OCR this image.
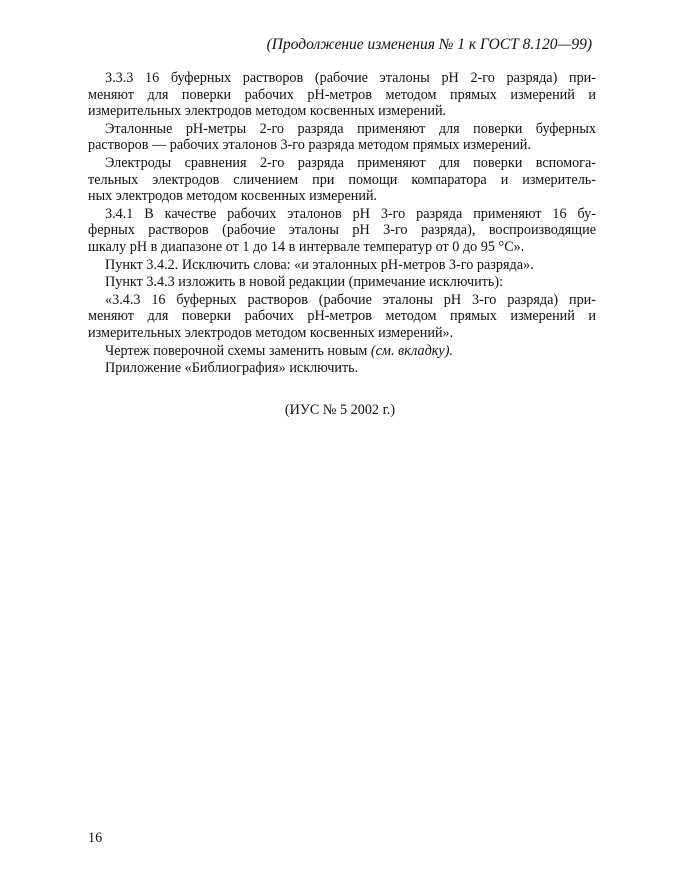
(Продолжение изменения № 1 к ГОСТ 8.120—99)
3.3.3 16 буферных растворов (рабочие эталоны pH 2-го разряда) при-
меняют для поверки рабочих pH-метров методом прямых измерений и
измерительных электродов методом косвенных измерений.
Эталонные pH-метры 2-го разряда применяют для поверки буферных
растворов — рабочих эталонов 3-го разряда методом прямых измерений.
Электроды сравнения 2-го разряда применяют для поверки вспомога-
тельных электродов сличением при помощи компаратора и измеритель-
ных электродов методом косвенных измерений.
3.4.1 В качестве рабочих эталонов pH 3-го разряда применяют 16 бу-
ферных растворов (рабочие эталоны pH 3-го разряда), воспроизводящие
шкалу pH в диапазоне от 1 до 14 в интервале температур от 0 до 95 °С».
Пункт 3.4.2. Исключить слова: «и эталонных pH-метров 3-го разряда».
Пункт 3.4.3 изложить в новой редакции (примечание исключить):
«3.4.3 16 буферных растворов (рабочие эталоны pH 3-го разряда) при-
меняют для поверки рабочих pH-метров методом прямых измерений и
измерительных электродов методом косвенных измерений».
Чертеж поверочной схемы заменить новым (см. вкладку).
Приложение «Библиография» исключить.
(ИУС № 5 2002 г.)
16
